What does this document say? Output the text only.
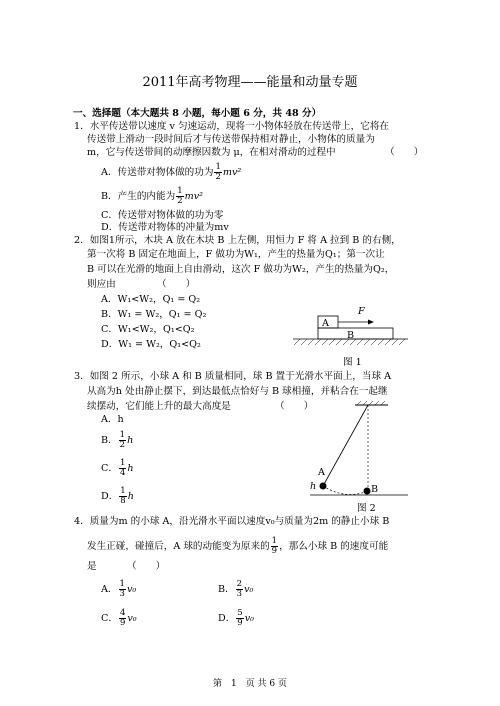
2011年高考物理——能量和动量专题
一、选择题（本大题共 8 小题，每小题 6 分，共 48 分）
1．水平传送带以速度 v 匀速运动，现将一小物体轻放在传送带上，它将在
传送带上滑动一段时间后才与传送带保持相对静止，小物体的质量为
m，它与传送带间的动摩擦因数为 μ，在相对滑动的过程中	（　　）
A．传送带对物体做的功为 $\frac{1}{2} mv^2$
B．产生的内能为 $\frac{1}{2} mv^2$
C．传送带对物体做的功为零
D．传送带对物体的冲量为mv
2．如图1所示，木块 A 放在木块 B 上左侧，用恒力 F 将 A 拉到 B 的右侧，
第一次将 B 固定在地面上，F 做功为W₁，产生的热量为Q₁；第一次让
B 可以在光滑的地面上自由滑动，这次 F 做功为W₂，产生的热量为Q₂，
则应由	（　　）
A．W₁<W₂，Q₁ = Q₂
B．W₁ = W₂，Q₁ = Q₂
C．W₁<W₂，Q₁<Q₂
D．W₁ = W₂，Q₁<Q₂
A
B
F
图 1
3．如图 2 所示，小球 A 和 B 质量相同，球 B 置于光滑水平面上，当球 A
从高为h 处由静止摆下，到达最低点恰好与 B 球相撞，并粘合在一起继
续摆动，它们能上升的最大高度是	（　　）
A．h
B． $\frac{1}{2}$ h
C． $\frac{1}{4}$ h
D． $\frac{1}{8}$ h
A
h	B
图 2
4．质量为m 的小球 A，沿光滑水平面以速度v₀与质量为2m 的静止小球 B
发生正碰，碰撞后，A 球的动能变为原来的 $\frac{1}{9}$ ，那么小球 B 的速度可能
是	（　　）
A． $\frac{1}{3} v_0$	B． $\frac{2}{3} v_0$
C． $\frac{4}{9} v_0$	D． $\frac{5}{9} v_0$
第　1　页 共 6 页
